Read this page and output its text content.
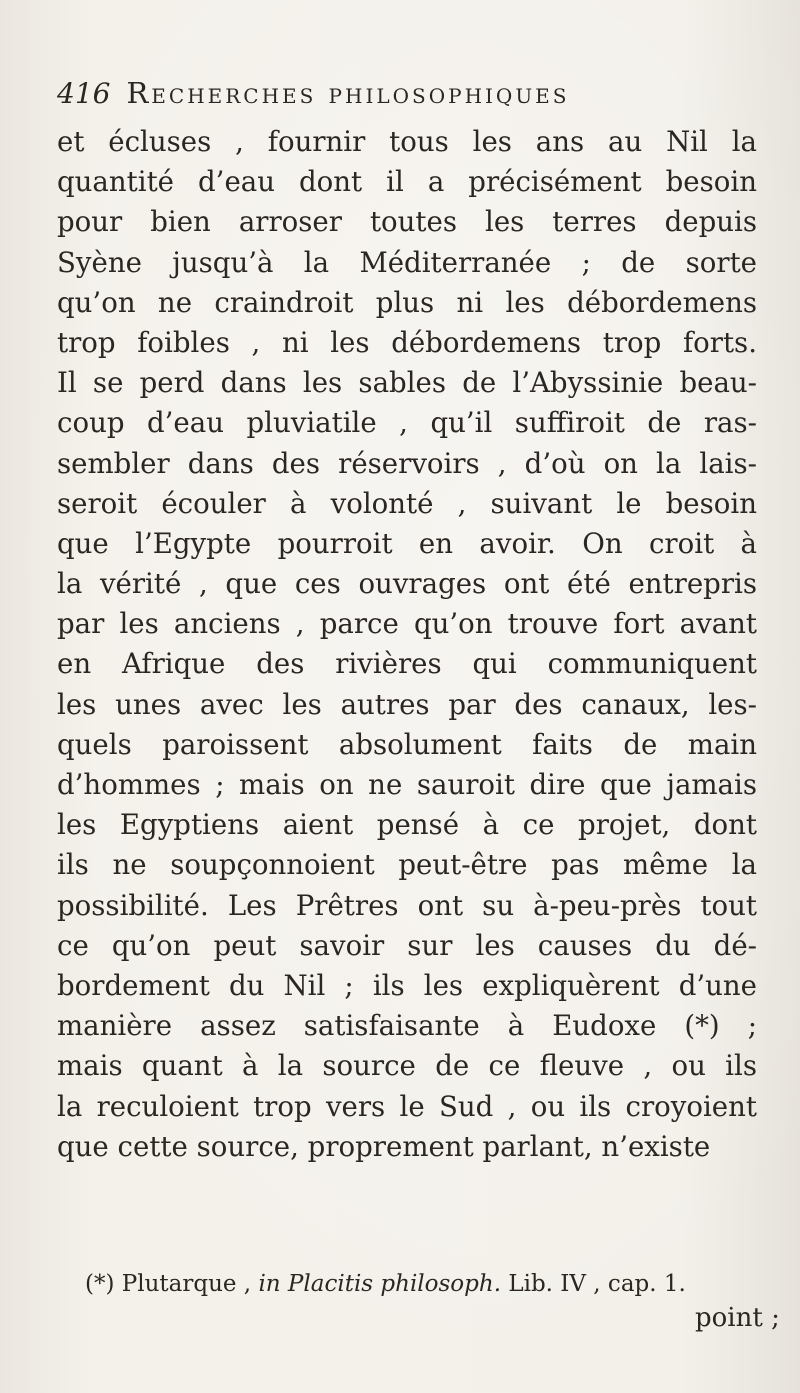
416 Recherches philosophiques
et écluses , fournir tous les ans au Nil la
quantité d’eau dont il a précisément besoin
pour bien arroser toutes les terres depuis
Syène jusqu’à la Méditerranée ; de sorte
qu’on ne craindroit plus ni les débordemens
trop foibles , ni les débordemens trop forts.
Il se perd dans les sables de l’Abyssinie beau-
coup d’eau pluviatile , qu’il suffiroit de ras-
sembler dans des réservoirs , d’où on la lais-
seroit écouler à volonté , suivant le besoin
que l’Egypte pourroit en avoir. On croit à
la vérité , que ces ouvrages ont été entrepris
par les anciens , parce qu’on trouve fort avant
en Afrique des rivières qui communiquent
les unes avec les autres par des canaux, les-
quels paroissent absolument faits de main
d’hommes ; mais on ne sauroit dire que jamais
les Egyptiens aient pensé à ce projet, dont
ils ne soupçonnoient peut-être pas même la
possibilité. Les Prêtres ont su à-peu-près tout
ce qu’on peut savoir sur les causes du dé-
bordement du Nil ; ils les expliquèrent d’une
manière assez satisfaisante à Eudoxe (*) ;
mais quant à la source de ce fleuve , ou ils
la reculoient trop vers le Sud , ou ils croyoient
que cette source, proprement parlant, n’existe
(*) Plutarque , in Placitis philosoph. Lib. IV , cap. 1.
point ;
